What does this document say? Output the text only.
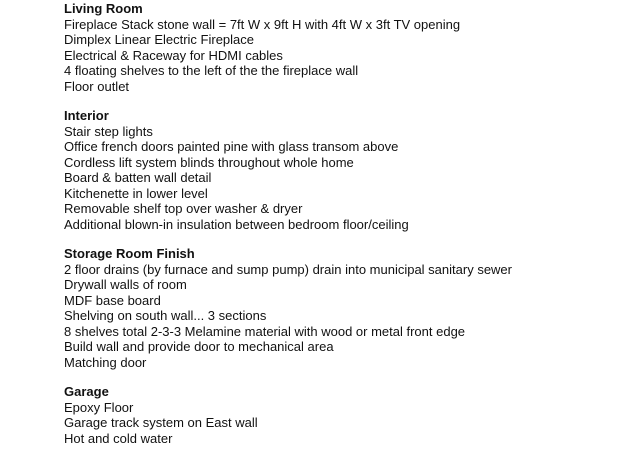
Living Room

Fireplace Stack stone wall = 7ft W x 9ft H with 4ft W x 3ft TV opening

Dimplex Linear Electric Fireplace

Electrical & Raceway for HDMI cables

4 floating shelves to the left of the the fireplace wall

Floor outlet

Interior

Stair step lights

Office french doors painted pine with glass transom above

Cordless lift system blinds throughout whole home

Board & batten wall detail

Kitchenette in lower level

Removable shelf top over washer & dryer

Additional blown-in insulation between bedroom floor/ceiling

Storage Room Finish

2 floor drains (by furnace and sump pump) drain into municipal sanitary sewer

Drywall walls of room

MDF base board

Shelving on south wall... 3 sections

8 shelves total 2-3-3 Melamine material with wood or metal front edge

Build wall and provide door to mechanical area

Matching door

Garage

Epoxy Floor

Garage track system on East wall

Hot and cold water
